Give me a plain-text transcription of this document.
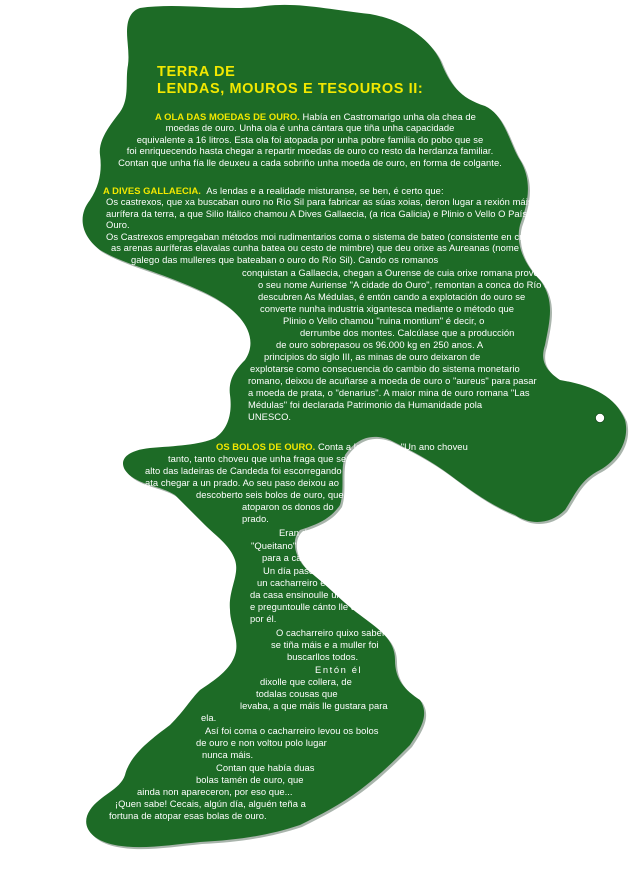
TERRA DE
LENDAS, MOUROS E TESOUROS II:
A OLA DAS MOEDAS DE OURO. Había en Castromarigo unha ola chea de
moedas de ouro. Unha ola é unha cántara que tiña unha capacidade
equivalente a 16 litros. Esta ola foi atopada por unha pobre familia do pobo que se
foi enriquecendo hasta chegar a repartir moedas de ouro co resto da herdanza familiar.
Contan que unha fía lle deuxeu a cada sobriño unha moeda de ouro, en forma de colgante.
A DIVES GALLAECIA. As lendas e a realidade misturanse, se ben, é certo que:
Os castrexos, que xa buscaban ouro no Río Sil para fabricar as súas xoias, deron lugar a rexión máis
aurífera da terra, a que Silio Itálico chamou A Dives Gallaecia, (a rica Galicia) e Plinio o Vello O País do
Ouro.
Os Castrexos empregaban métodos moi rudimentarios coma o sistema de bateo (consistente en cribar
as arenas auríferas elavalas cunha batea ou cesto de mimbre) que deu orixe as Aureanas (nome
galego das mulleres que bateaban o ouro do Río Sil). Cando os romanos
conquistan a Gallaecia, chegan a Ourense de cuia orixe romana provéen
o seu nome Auriense "A cidade do Ouro", remontan a conca do Río Sil e
descubren As Médulas, é entón cando a explotación do ouro se
converte nunha industria xigantesca mediante o método que
Plinio o Vello chamou "ruina montium" é decir, o
derrumbe dos montes. Calcúlase que a producción
de ouro sobrepasou os 96.000 kg en 250 anos. A
principios do siglo III, as minas de ouro deixaron de
explotarse como consecuencia do cambio do sistema monetario
romano, deixou de acuñarse a moeda de ouro o "aureus" para pasar
a moeda de prata, o "denarius". A maior mina de ouro romana "Las
Médulas" foi declarada Patrimonio da Humanidade pola
UNESCO.
OS BOLOS DE OURO. Conta a lenda que: "Un ano choveu
tanto, tanto choveu que unha fraga que se atopaba no
alto das ladeiras de Candeda foi escorregando
ata chegar a un prado. Ao seu paso deixou ao
descoberto seis bolos de ouro, que
atoparon os donos do
prado.
Eran da familia dos de
"Queitano". Levaron os bolos
para a casa.
Un día pasou por alí
un cacharreiro e a muller
da casa ensinoulle ún deles
e preguntoulle cánto lle daría
por él.
O cacharreiro quixo saber
se tiña máis e a muller foi
buscarllos todos.
Entón él
dixolle que collera, de
todalas cousas que
levaba, a que máis lle gustara para
ela.
Así foi coma o cacharreiro levou os bolos
de ouro e non voltou polo lugar
nunca máis.
Contan que había duas
bolas tamén de ouro, que
ainda non apareceron, por eso que...
¡Quen sabe! Cecais, algún día, alguén teña a
fortuna de atopar esas bolas de ouro.
